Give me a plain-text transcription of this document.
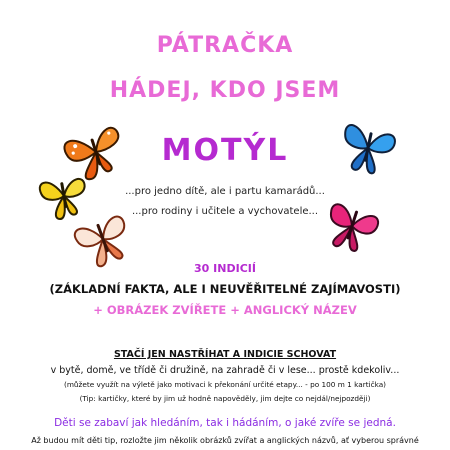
PÁTRAČKA
HÁDEJ, KDO JSEM
MOTÝL
...pro jedno dítě, ale i partu kamarádů...
...pro rodiny i učitele a vychovatele...
30 INDICIÍ
(ZÁKLADNÍ FAKTA, ALE I NEUVĚŘITELNÉ ZAJÍMAVOSTI)
+ OBRÁZEK ZVÍŘETE + ANGLICKÝ NÁZEV
STAČÍ JEN NASTŘÍHAT A INDICIE SCHOVAT
v bytě, domě, ve třídě či družině, na zahradě či v lese... prostě kdekoliv...
(můžete využít na výletě jako motivaci k překonání určité etapy... - po 100 m 1 kartička)
(Tip: kartičky, které by jim už hodně napověděly, jim dejte co nejdál/nejpozději)
Děti se zabaví jak hledáním, tak i hádáním, o jaké zvíře se jedná.
Až budou mít děti tip, rozložte jim několik obrázků zvířat a anglických názvů, ať vyberou správné
